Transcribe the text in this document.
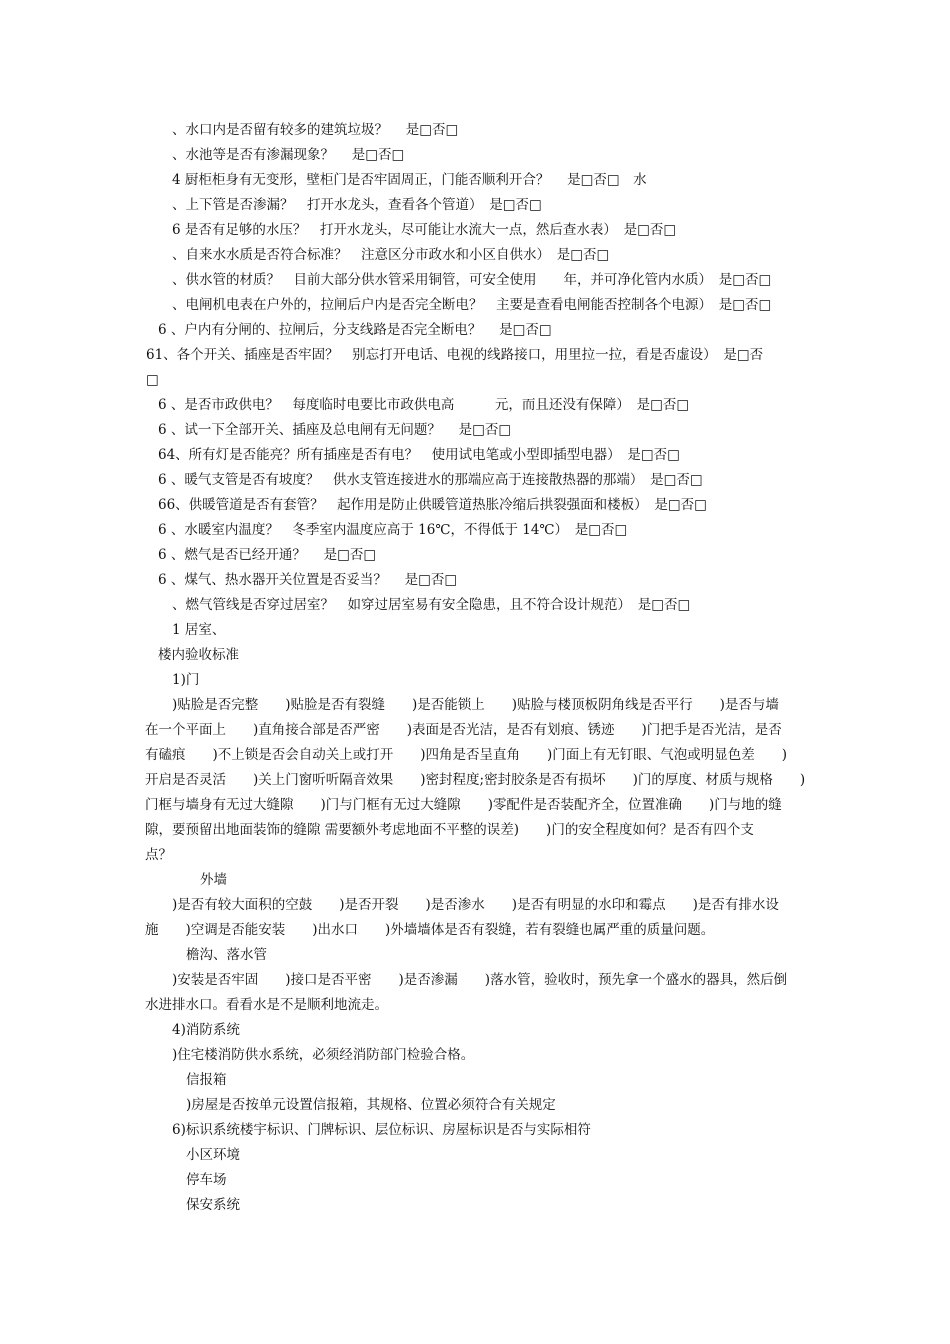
、水口内是否留有较多的建筑垃圾？　 是□否□
、水池等是否有渗漏现象？　 是□否□
4 厨柜柜身有无变形，壁柜门是否牢固周正，门能否顺利开合？　 是□否□　水
、上下管是否渗漏？　打开水龙头，查看各个管道）　是□否□
6 是否有足够的水压？　打开水龙头，尽可能让水流大一点，然后查水表）　是□否□
、自来水水质是否符合标准？　注意区分市政水和小区自供水）　是□否□
、供水管的材质？　目前大部分供水管采用铜管，可安全使用　　年，并可净化管内水质）　是□否□
、电闸机电表在户外的，拉闸后户内是否完全断电？　主要是查看电闸能否控制各个电源）　是□否□
6 、户内有分闸的、拉闸后，分支线路是否完全断电？　 是□否□
61、各个开关、插座是否牢固？　别忘打开电话、电视的线路接口，用里拉一拉，看是否虚设）　是□否
□
6 、是否市政供电？　每度临时电要比市政供电高　　　元，而且还没有保障）　是□否□
6 、试一下全部开关、插座及总电闸有无问题？　 是□否□
64、所有灯是否能亮？所有插座是否有电？　使用试电笔或小型即插型电器）　是□否□
6 、暖气支管是否有坡度？　供水支管连接进水的那端应高于连接散热器的那端）　是□否□
66、供暖管道是否有套管？　起作用是防止供暖管道热胀冷缩后拱裂强面和楼板）　是□否□
6 、水暖室内温度？　冬季室内温度应高于 16℃，不得低于 14℃）　是□否□
6 、燃气是否已经开通？　 是□否□
6 、煤气、热水器开关位置是否妥当？　 是□否□
、燃气管线是否穿过居室？　如穿过居室易有安全隐患，且不符合设计规范）　是□否□
1 居室、
楼内验收标准
1)门
)贴脸是否完整　　)贴脸是否有裂缝　　)是否能锁上　　)贴脸与楼顶板阴角线是否平行　　)是否与墙
在一个平面上　　)直角接合部是否严密　　)表面是否光洁，是否有划痕、锈迹　　)门把手是否光洁，是否
有磕痕　　)不上锁是否会自动关上或打开　　)四角是否呈直角　　)门面上有无钉眼、气泡或明显色差　　)
开启是否灵活　　)关上门窗听听隔音效果　　)密封程度;密封胶条是否有损坏　　)门的厚度、材质与规格　　)
门框与墙身有无过大缝隙　　)门与门框有无过大缝隙　　)零配件是否装配齐全，位置准确　　)门与地的缝
隙，要预留出地面装饰的缝隙 需要额外考虑地面不平整的误差)　　)门的安全程度如何？是否有四个支
点？
外墙
)是否有较大面积的空鼓　　)是否开裂　　)是否渗水　　)是否有明显的水印和霉点　　)是否有排水设
施　　)空调是否能安装　　)出水口　　)外墙墙体是否有裂缝，若有裂缝也属严重的质量问题。
檐沟、落水管
)安装是否牢固　　)接口是否平密　　)是否渗漏　　)落水管，验收时，预先拿一个盛水的器具，然后倒
水进排水口。看看水是不是顺利地流走。
4)消防系统
)住宅楼消防供水系统，必须经消防部门检验合格。
信报箱
)房屋是否按单元设置信报箱，其规格、位置必须符合有关规定
6)标识系统楼宇标识、门牌标识、层位标识、房屋标识是否与实际相符
小区环境
停车场
保安系统
